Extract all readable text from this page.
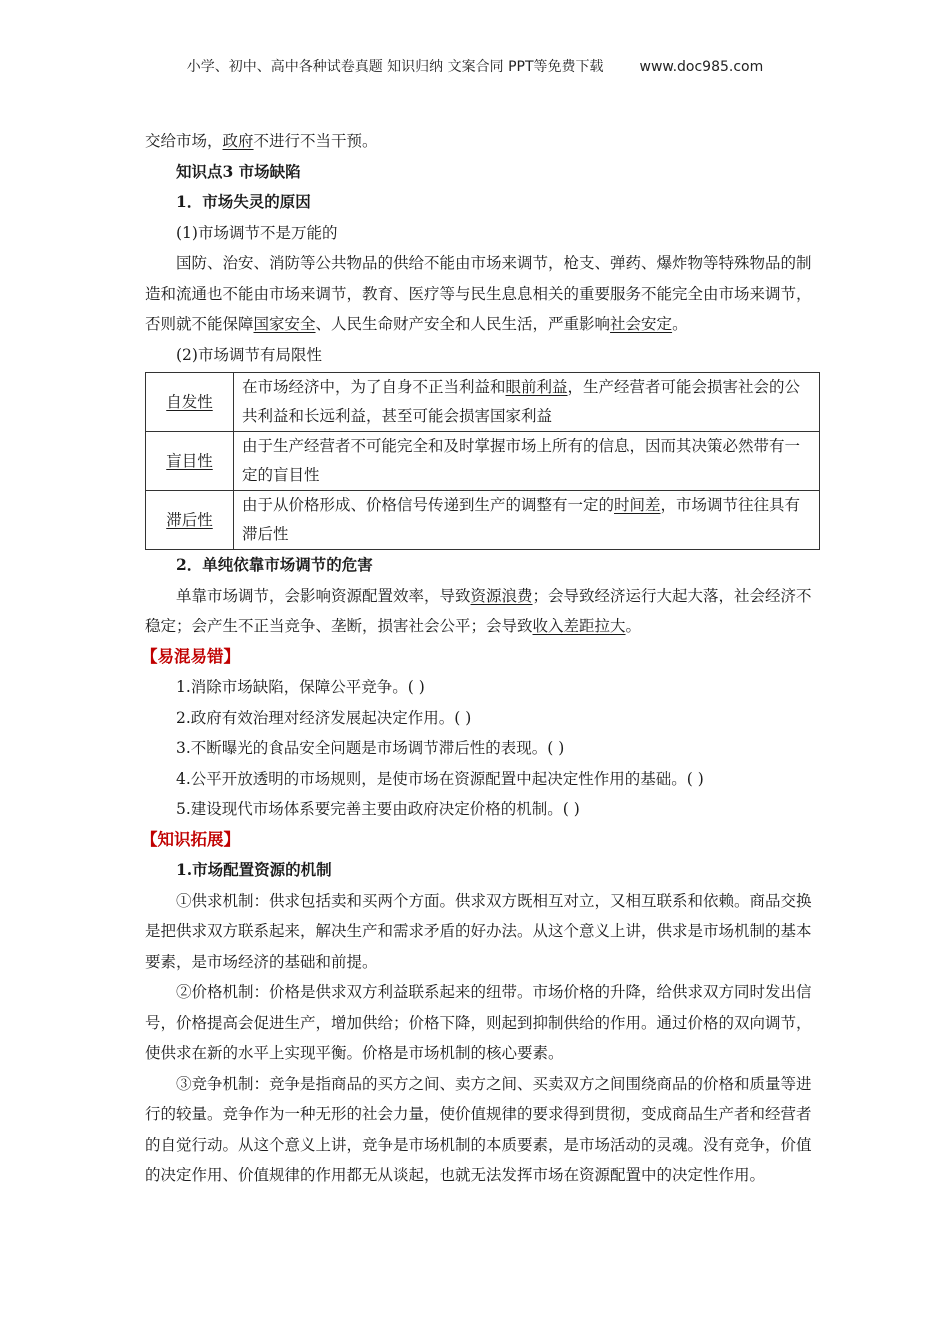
小学、初中、高中各种试卷真题 知识归纳 文案合同 PPT等免费下载	www.doc985.com

交给市场，政府不进行不当干预。

知识点3 市场缺陷

1．市场失灵的原因

(1)市场调节不是万能的

国防、治安、消防等公共物品的供给不能由市场来调节，枪支、弹药、爆炸物等特殊物品的制造和流通也不能由市场来调节，教育、医疗等与民生息息相关的重要服务不能完全由市场来调节，否则就不能保障国家安全、人民生命财产安全和人民生活，严重影响社会安定。

(2)市场调节有局限性

自发性	在市场经济中，为了自身不正当利益和眼前利益，生产经营者可能会损害社会的公共利益和长远利益，甚至可能会损害国家利益
盲目性	由于生产经营者不可能完全和及时掌握市场上所有的信息，因而其决策必然带有一定的盲目性
滞后性	由于从价格形成、价格信号传递到生产的调整有一定的时间差，市场调节往往具有滞后性

2．单纯依靠市场调节的危害

单靠市场调节，会影响资源配置效率，导致资源浪费；会导致经济运行大起大落，社会经济不稳定；会产生不正当竞争、垄断，损害社会公平；会导致收入差距拉大。

【易混易错】

1.消除市场缺陷，保障公平竞争。( )

2.政府有效治理对经济发展起决定作用。( )

3.不断曝光的食品安全问题是市场调节滞后性的表现。( )

4.公平开放透明的市场规则，是使市场在资源配置中起决定性作用的基础。( )

5.建设现代市场体系要完善主要由政府决定价格的机制。( )

【知识拓展】

1.市场配置资源的机制

①供求机制：供求包括卖和买两个方面。供求双方既相互对立，又相互联系和依赖。商品交换是把供求双方联系起来，解决生产和需求矛盾的好办法。从这个意义上讲，供求是市场机制的基本要素，是市场经济的基础和前提。

②价格机制：价格是供求双方利益联系起来的纽带。市场价格的升降，给供求双方同时发出信号，价格提高会促进生产，增加供给；价格下降，则起到抑制供给的作用。通过价格的双向调节，使供求在新的水平上实现平衡。价格是市场机制的核心要素。

③竞争机制：竞争是指商品的买方之间、卖方之间、买卖双方之间围绕商品的价格和质量等进行的较量。竞争作为一种无形的社会力量，使价值规律的要求得到贯彻，变成商品生产者和经营者的自觉行动。从这个意义上讲，竞争是市场机制的本质要素，是市场活动的灵魂。没有竞争，价值的决定作用、价值规律的作用都无从谈起，也就无法发挥市场在资源配置中的决定性作用。
